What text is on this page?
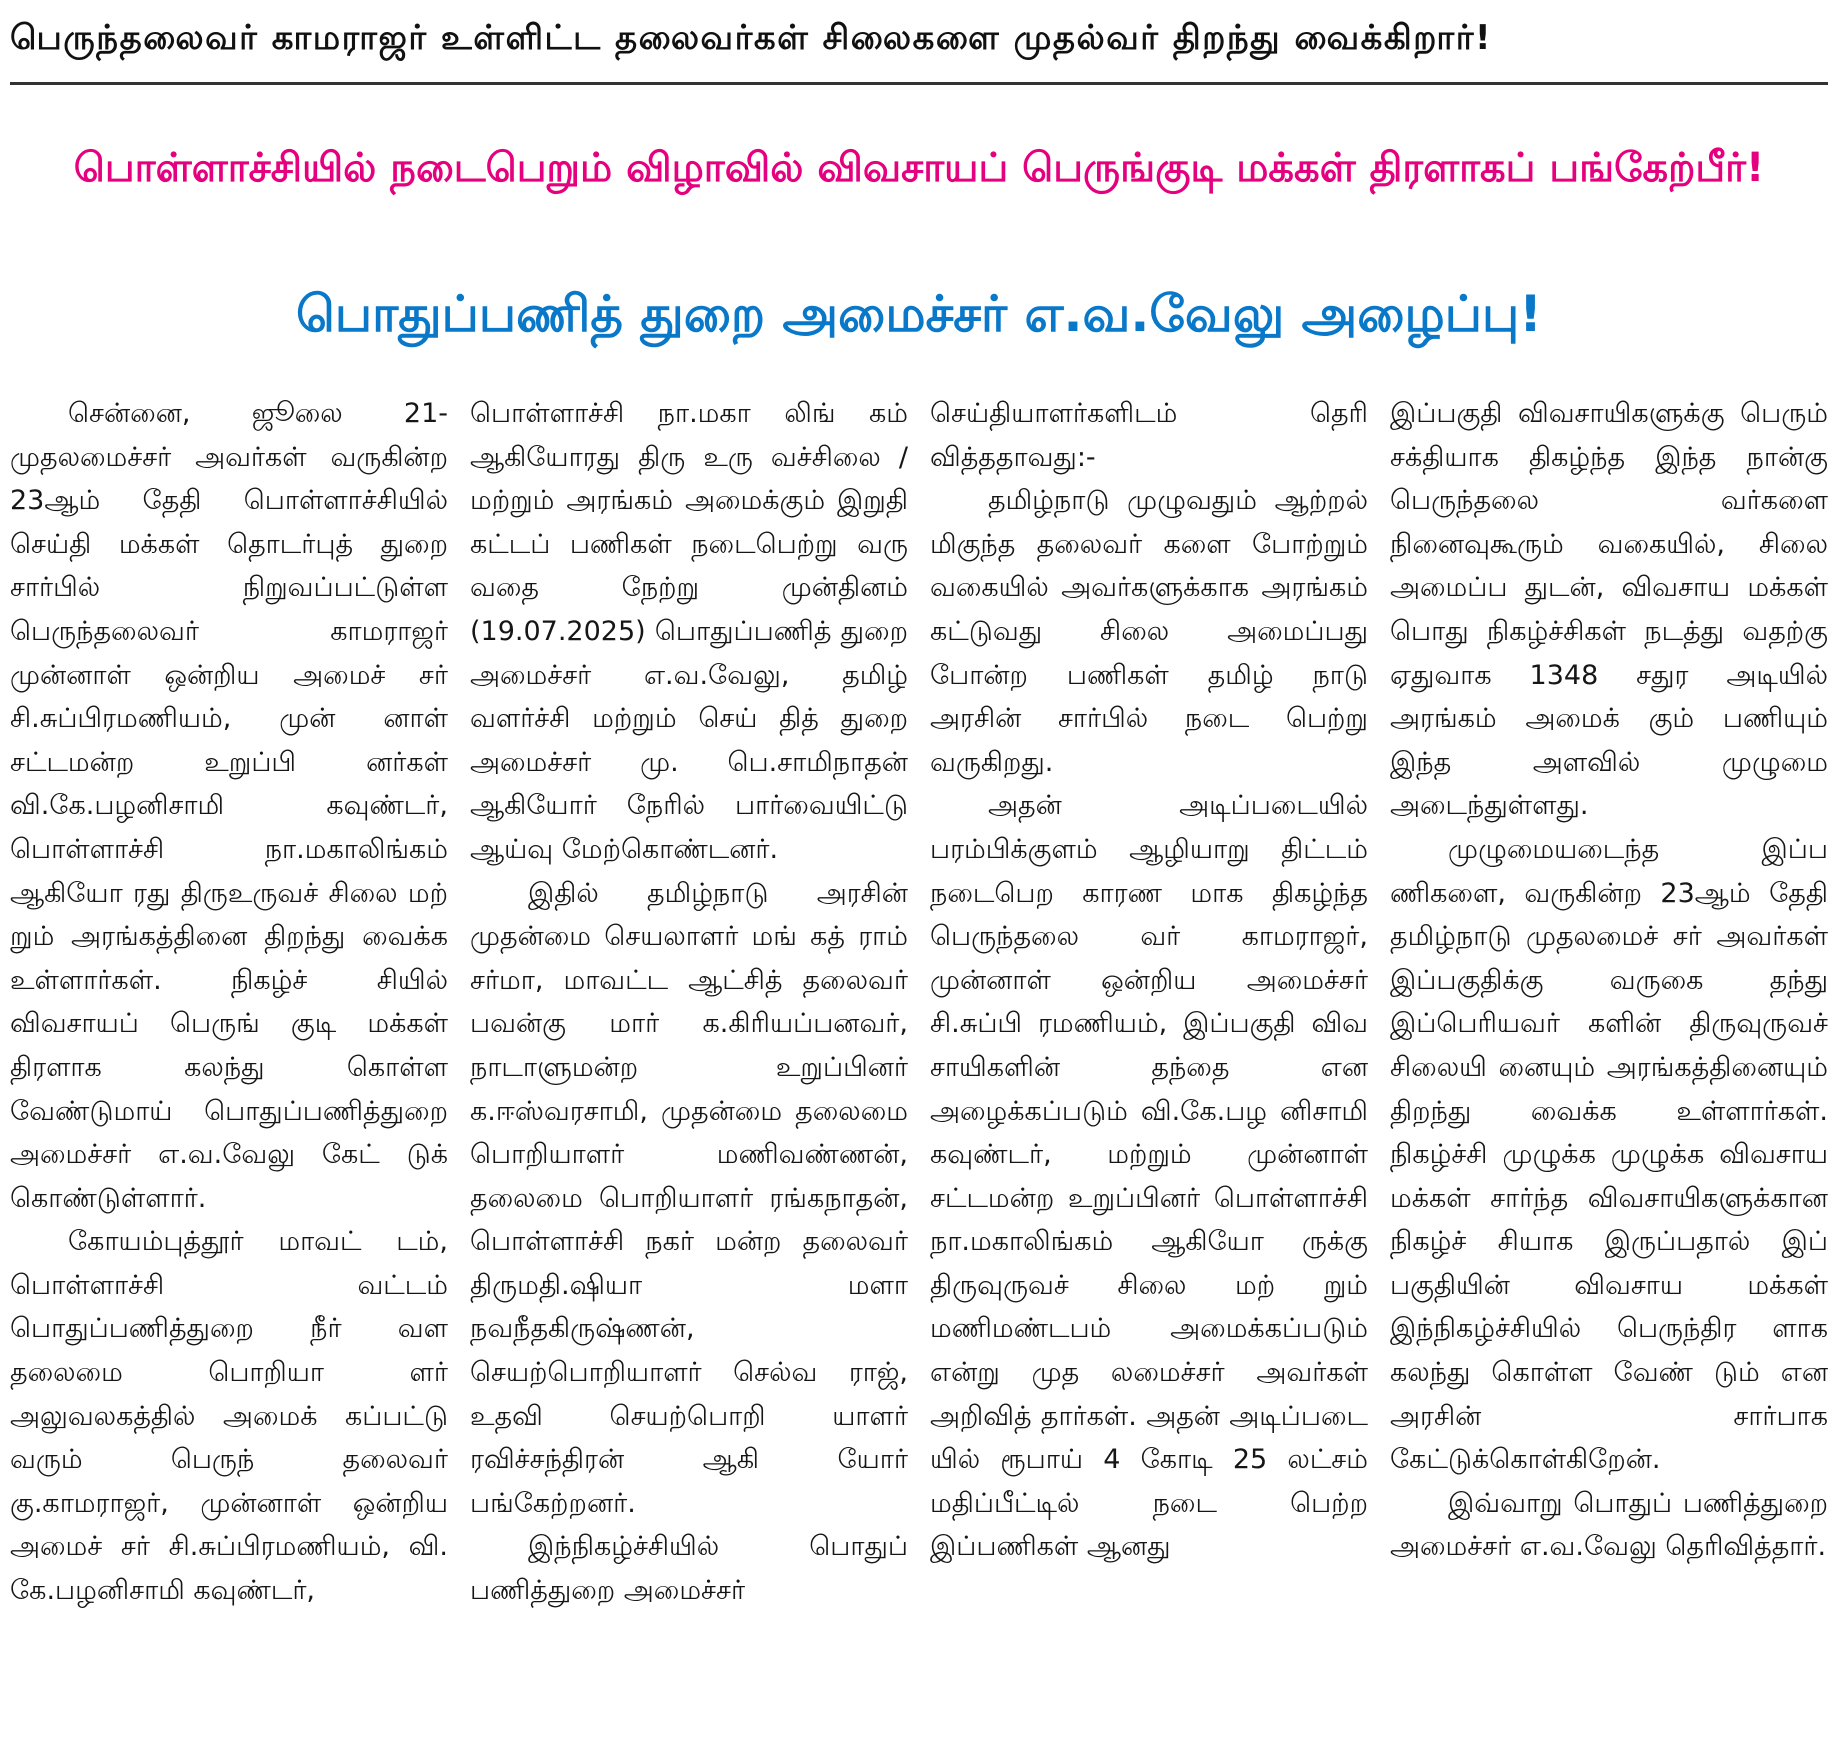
பெருந்தலைவர் காமராஜர் உள்ளிட்ட தலைவர்கள் சிலைகளை முதல்வர் திறந்து வைக்கிறார்!
பொள்ளாச்சியில் நடைபெறும் விழாவில் விவசாயப் பெருங்குடி மக்கள் திரளாகப் பங்கேற்பீர்!
பொதுப்பணித் துறை அமைச்சர் எ.வ.வேலு அழைப்பு!

சென்னை, ஜூலை 21- முதலமைச்சர் அவர்கள் வருகின்ற 23ஆம் தேதி பொள்ளாச்சியில் செய்தி மக்கள் தொடர்புத் துறை சார்பில் நிறுவப்பட்டுள்ள பெருந்தலைவர் காமராஜர் முன்னாள் ஒன்றிய அமைச் சர் சி.சுப்பிரமணியம், முன் னாள் சட்டமன்ற உறுப்பி னர்கள் வி.கே.பழனிசாமி கவுண்டர், பொள்ளாச்சி நா.மகாலிங்கம் ஆகியோ ரது திருஉருவச் சிலை மற் றும் அரங்கத்தினை திறந்து வைக்க உள்ளார்கள். நிகழ்ச் சியில் விவசாயப் பெருங் குடி மக்கள் திரளாக கலந்து கொள்ள வேண்டுமாய் பொதுப்பணித்துறை அமைச்சர் எ.வ.வேலு கேட் டுக் கொண்டுள்ளார்.

கோயம்புத்தூர் மாவட் டம், பொள்ளாச்சி வட்டம் பொதுப்பணித்துறை நீர் வள தலைமை பொறியா ளர் அலுவலகத்தில் அமைக் கப்பட்டு வரும் பெருந் தலைவர் கு.காமராஜர், முன்னாள் ஒன்றிய அமைச் சர் சி.சுப்பிரமணியம், வி. கே.பழனிசாமி கவுண்டர்,

பொள்ளாச்சி நா.மகா லிங் கம் ஆகியோரது திரு உரு வச்சிலை / மற்றும் அரங்கம் அமைக்கும் இறுதி கட்டப் பணிகள் நடைபெற்று வரு வதை நேற்று முன்தினம் (19.07.2025) பொதுப்பணித் துறை அமைச்சர் எ.வ.வேலு, தமிழ் வளர்ச்சி மற்றும் செய் தித் துறை அமைச்சர் மு. பெ.சாமிநாதன் ஆகியோர் நேரில் பார்வையிட்டு ஆய்வு மேற்கொண்டனர்.

இதில் தமிழ்நாடு அரசின் முதன்மை செயலாளர் மங் கத் ராம் சர்மா, மாவட்ட ஆட்சித் தலைவர் பவன்கு மார் க.கிரியப்பனவர், நாடாளுமன்ற உறுப்பினர் க.ஈஸ்வரசாமி, முதன்மை தலைமை பொறியாளர் மணிவண்ணன், தலைமை பொறியாளர் ரங்கநாதன், பொள்ளாச்சி நகர் மன்ற தலைவர் திருமதி.ஷியா மளா நவநீதகிருஷ்ணன், செயற்பொறியாளர் செல்வ ராஜ், உதவி செயற்பொறி யாளர் ரவிச்சந்திரன் ஆகி யோர் பங்கேற்றனர்.

இந்நிகழ்ச்சியில் பொதுப் பணித்துறை அமைச்சர்

செய்தியாளர்களிடம் தெரி வித்ததாவது:-

தமிழ்நாடு முழுவதும் ஆற்றல் மிகுந்த தலைவர் களை போற்றும் வகையில் அவர்களுக்காக அரங்கம் கட்டுவது சிலை அமைப்பது போன்ற பணிகள் தமிழ் நாடு அரசின் சார்பில் நடை பெற்று வருகிறது.

அதன் அடிப்படையில் பரம்பிக்குளம் ஆழியாறு திட்டம் நடைபெற காரண மாக திகழ்ந்த பெருந்தலை வர் காமராஜர், முன்னாள் ஒன்றிய அமைச்சர் சி.சுப்பி ரமணியம், இப்பகுதி விவ சாயிகளின் தந்தை என அழைக்கப்படும் வி.கே.பழ னிசாமி கவுண்டர், மற்றும் முன்னாள் சட்டமன்ற உறுப்பினர் பொள்ளாச்சி நா.மகாலிங்கம் ஆகியோ ருக்கு திருவுருவச் சிலை மற் றும் மணிமண்டபம் அமைக்கப்படும் என்று முத லமைச்சர் அவர்கள் அறிவித் தார்கள். அதன் அடிப்படை யில் ரூபாய் 4 கோடி 25 லட்சம் மதிப்பீட்டில் நடை பெற்ற இப்பணிகள் ஆனது

இப்பகுதி விவசாயிகளுக்கு பெரும் சக்தியாக திகழ்ந்த இந்த நான்கு பெருந்தலை வர்களை நினைவுகூரும் வகையில், சிலை அமைப்ப துடன், விவசாய மக்கள் பொது நிகழ்ச்சிகள் நடத்து வதற்கு ஏதுவாக 1348 சதுர அடியில் அரங்கம் அமைக் கும் பணியும் இந்த அளவில் முழுமை அடைந்துள்ளது.

முழுமையடைந்த இப்ப ணிகளை, வருகின்ற 23ஆம் தேதி தமிழ்நாடு முதலமைச் சர் அவர்கள் இப்பகுதிக்கு வருகை தந்து இப்பெரியவர் களின் திருவுருவச் சிலையி னையும் அரங்கத்தினையும் திறந்து வைக்க உள்ளார்கள். நிகழ்ச்சி முழுக்க முழுக்க விவசாய மக்கள் சார்ந்த விவசாயிகளுக்கான நிகழ்ச் சியாக இருப்பதால் இப் பகுதியின் விவசாய மக்கள் இந்நிகழ்ச்சியில் பெருந்திர ளாக கலந்து கொள்ள வேண் டும் என அரசின் சார்பாக கேட்டுக்கொள்கிறேன்.

இவ்வாறு பொதுப் பணித்துறை அமைச்சர் எ.வ.வேலு தெரிவித்தார்.
